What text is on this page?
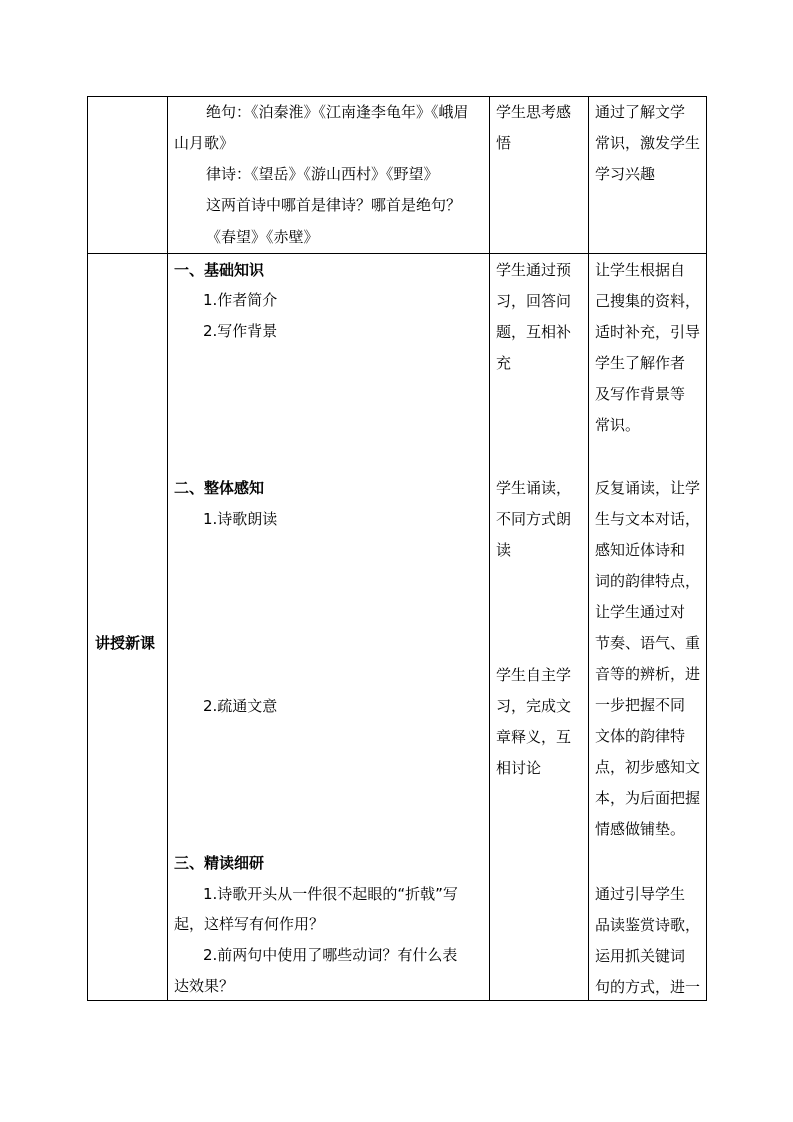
绝句：《泊秦淮》《江南逢李龟年》《峨眉
山月歌》
律诗：《望岳》《游山西村》《野望》
这两首诗中哪首是律诗？哪首是绝句？
《春望》《赤壁》
学生思考感
悟
通过了解文学
常识，激发学生
学习兴趣
讲授新课
一、基础知识
1.作者简介
2.写作背景
二、整体感知
1.诗歌朗读
2.疏通文意
三、精读细研
1.诗歌开头从一件很不起眼的“折戟”写
起，这样写有何作用？
2.前两句中使用了哪些动词？有什么表
达效果？
学生通过预
习，回答问
题，互相补
充
学生诵读，
不同方式朗
读
学生自主学
习，完成文
章释义，互
相讨论
让学生根据自
己搜集的资料，
适时补充，引导
学生了解作者
及写作背景等
常识。
反复诵读，让学
生与文本对话，
感知近体诗和
词的韵律特点，
让学生通过对
节奏、语气、重
音等的辨析，进
一步把握不同
文体的韵律特
点，初步感知文
本，为后面把握
情感做铺垫。
通过引导学生
品读鉴赏诗歌，
运用抓关键词
句的方式，进一
